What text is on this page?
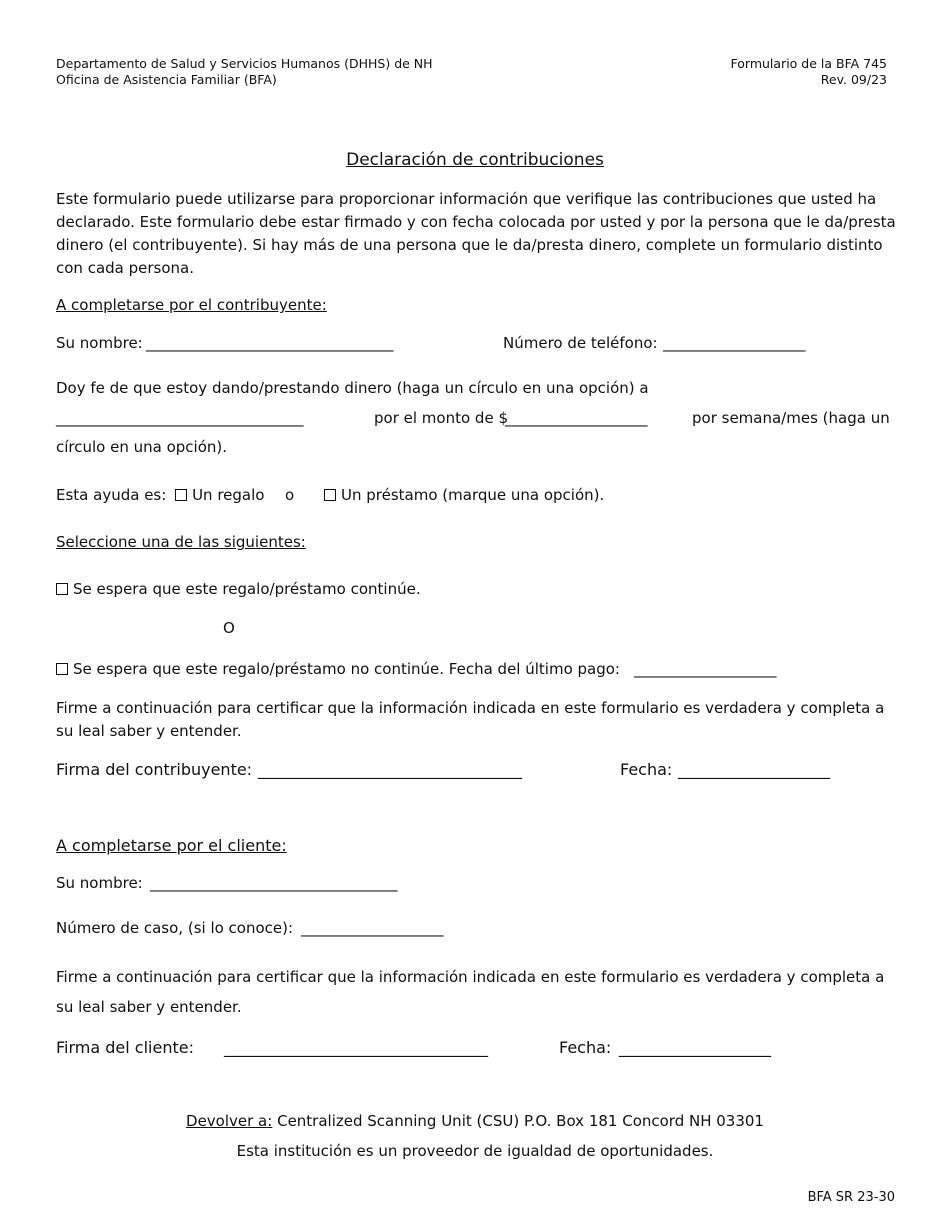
Departamento de Salud y Servicios Humanos (DHHS) de NH
Oficina de Asistencia Familiar (BFA)
Formulario de la BFA 745
Rev. 09/23
Declaración de contribuciones
Este formulario puede utilizarse para proporcionar información que verifique las contribuciones que usted ha declarado. Este formulario debe estar firmado y con fecha colocada por usted y por la persona que le da/presta dinero (el contribuyente). Si hay más de una persona que le da/presta dinero, complete un formulario distinto con cada persona.
A completarse por el contribuyente:
Su nombre: _________________________________	Número de teléfono: ___________________
Doy fe de que estoy dando/prestando dinero (haga un círculo en una opción) a
_________________________________	por el monto de $
___________________	por semana/mes (haga un
círculo en una opción).
Esta ayuda es: Un regalo o	Un préstamo (marque una opción).
Seleccione una de las siguientes:
Se espera que este regalo/préstamo continúe.
O
Se espera que este regalo/préstamo no continúe. Fecha del último pago: ___________________
Firme a continuación para certificar que la información indicada en este formulario es verdadera y completa a su leal saber y entender.
Firma del contribuyente: _________________________________	Fecha: ___________________
A completarse por el cliente:
Su nombre: _________________________________
Número de caso, (si lo conoce): ___________________
Firme a continuación para certificar que la información indicada en este formulario es verdadera y completa a su leal saber y entender.
Firma del cliente: _________________________________	Fecha: ___________________
Devolver a: Centralized Scanning Unit (CSU) P.O. Box 181 Concord NH 03301
Esta institución es un proveedor de igualdad de oportunidades.
BFA SR 23-30
